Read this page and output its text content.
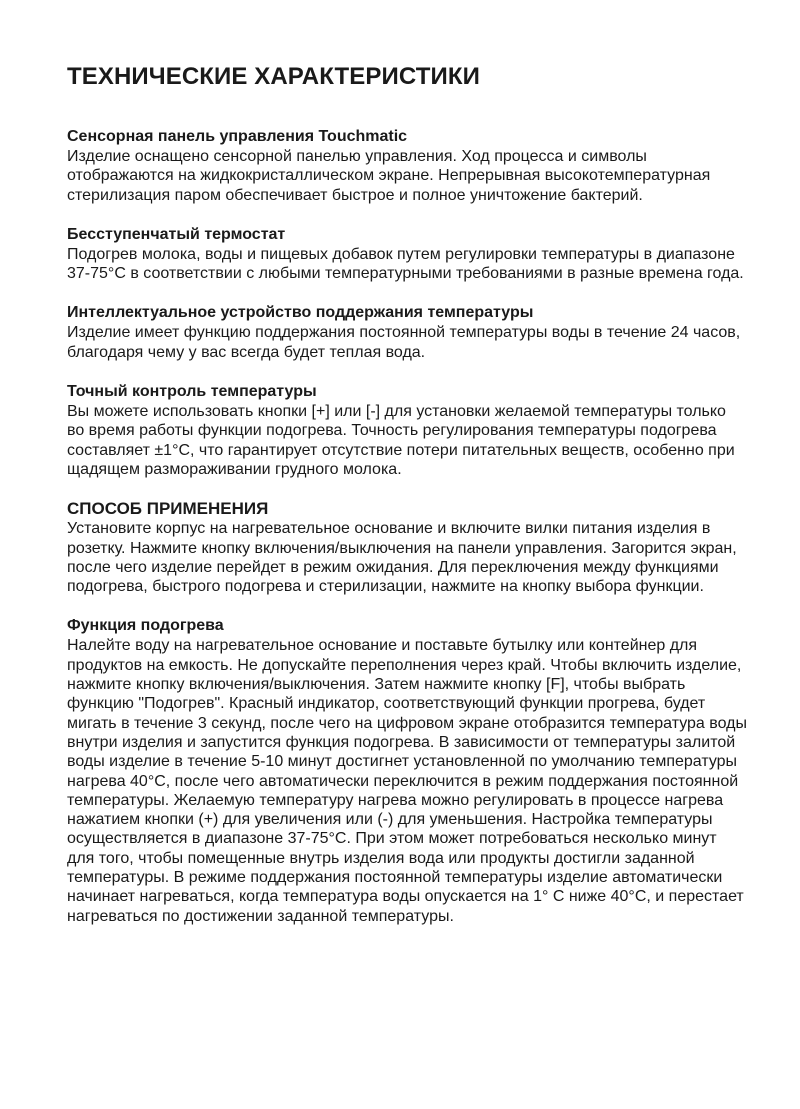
ТЕХНИЧЕСКИЕ ХАРАКТЕРИСТИКИ
Сенсорная панель управления Touchmatic

Изделие оснащено сенсорной панелью управления. Ход процесса и символы отображаются на жидкокристаллическом экране. Непрерывная высокотемпературная стерилизация паром обеспечивает быстрое и полное уничтожение бактерий.

Бесступенчатый термостат

Подогрев молока, воды и пищевых добавок путем регулировки температуры в диапазоне 37-75°С в соответствии с любыми температурными требованиями в разные времена года.

Интеллектуальное устройство поддержания температуры

Изделие имеет функцию поддержания постоянной температуры воды в течение 24 часов, благодаря чему у вас всегда будет теплая вода.

Точный контроль температуры

Вы можете использовать кнопки [+] или [-] для установки желаемой температуры только во время работы функции подогрева. Точность регулирования температуры подогрева составляет ±1°С, что гарантирует отсутствие потери питательных веществ, особенно при щадящем размораживании грудного молока.

СПОСОБ ПРИМЕНЕНИЯ

Установите корпус на нагревательное основание и включите вилки питания изделия в розетку. Нажмите кнопку включения/выключения на панели управления. Загорится экран, после чего изделие перейдет в режим ожидания. Для переключения между функциями подогрева, быстрого подогрева и стерилизации, нажмите на кнопку выбора функции.

Функция подогрева

Налейте воду на нагревательное основание и поставьте бутылку или контейнер для продуктов на емкость. Не допускайте переполнения через край. Чтобы включить изделие, нажмите кнопку включения/выключения. Затем нажмите кнопку [F], чтобы выбрать функцию "Подогрев". Красный индикатор, соответствующий функции прогрева, будет мигать в течение 3 секунд, после чего на цифровом экране отобразится температура воды внутри изделия и запустится функция подогрева. В зависимости от температуры залитой воды изделие в течение 5-10 минут достигнет установленной по умолчанию температуры нагрева 40°С, после чего автоматически переключится в режим поддержания постоянной температуры. Желаемую температуру нагрева можно регулировать в процессе нагрева нажатием кнопки (+) для увеличения или (-) для уменьшения. Настройка температуры осуществляется в диапазоне 37-75°С. При этом может потребоваться несколько минут для того, чтобы помещенные внутрь изделия вода или продукты достигли заданной температуры. В режиме поддержания постоянной температуры изделие автоматически начинает нагреваться, когда температура воды опускается на 1° С ниже 40°С, и перестает нагреваться по достижении заданной температуры.
